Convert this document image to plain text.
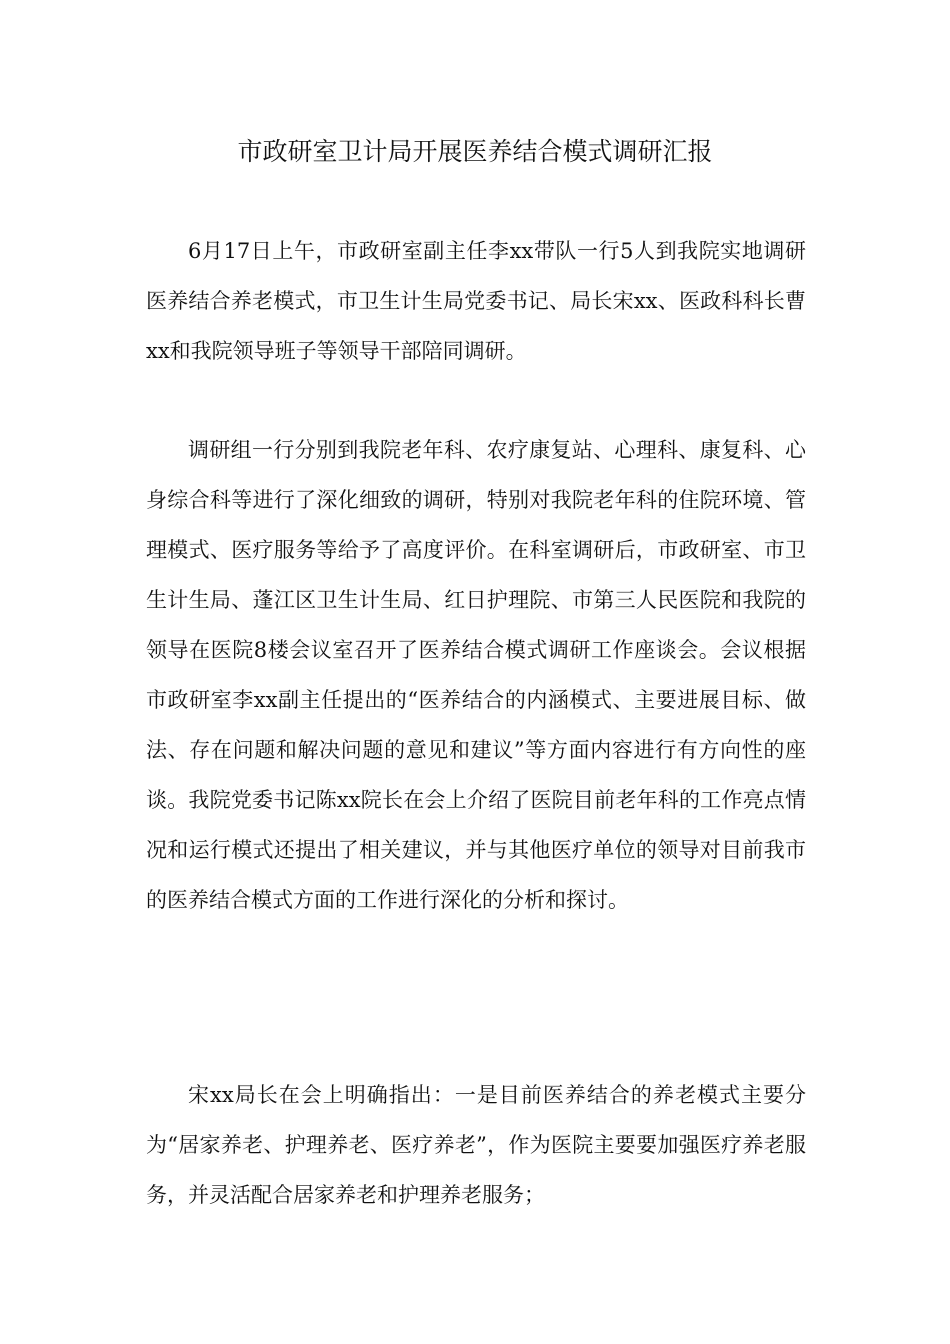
市政研室卫计局开展医养结合模式调研汇报

6月17日上午，市政研室副主任李xx带队一行5人到我院实地调研医养结合养老模式，市卫生计生局党委书记、局长宋xx、医政科科长曹xx和我院领导班子等领导干部陪同调研。

调研组一行分别到我院老年科、农疗康复站、心理科、康复科、心身综合科等进行了深化细致的调研，特别对我院老年科的住院环境、管理模式、医疗服务等给予了高度评价。在科室调研后，市政研室、市卫生计生局、蓬江区卫生计生局、红日护理院、市第三人民医院和我院的领导在医院8楼会议室召开了医养结合模式调研工作座谈会。会议根据市政研室李xx副主任提出的“医养结合的内涵模式、主要进展目标、做法、存在问题和解决问题的意见和建议”等方面内容进行有方向性的座谈。我院党委书记陈xx院长在会上介绍了医院目前老年科的工作亮点情况和运行模式还提出了相关建议，并与其他医疗单位的领导对目前我市的医养结合模式方面的工作进行深化的分析和探讨。

宋xx局长在会上明确指出：一是目前医养结合的养老模式主要分为“居家养老、护理养老、医疗养老”，作为医院主要要加强医疗养老服务，并灵活配合居家养老和护理养老服务；
